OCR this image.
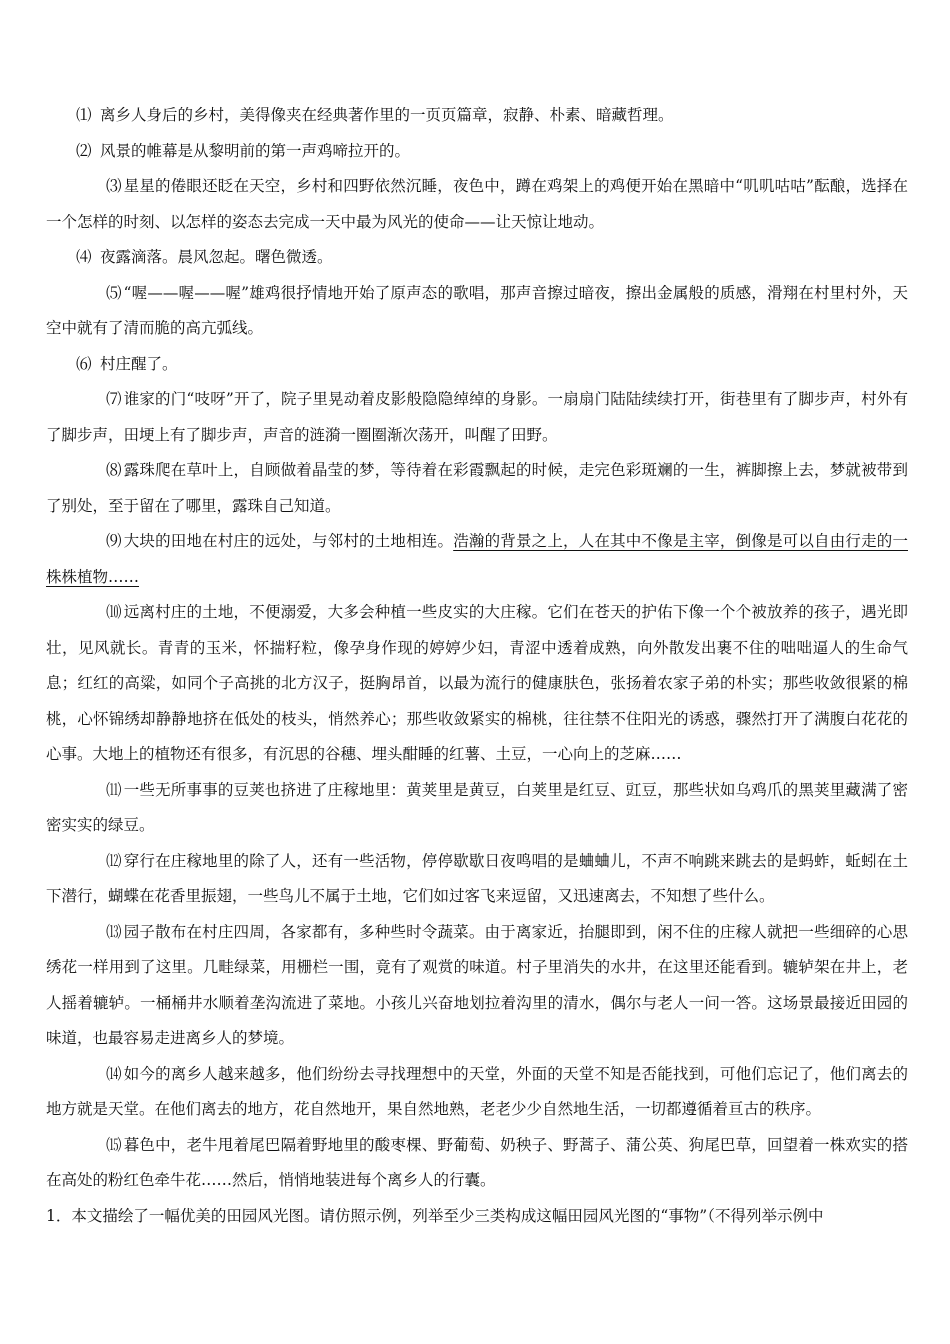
⑴ 离乡人身后的乡村，美得像夹在经典著作里的一页页篇章，寂静、朴素、暗藏哲理。

⑵ 风景的帷幕是从黎明前的第一声鸡啼拉开的。

⑶ 星星的倦眼还眨在天空，乡村和四野依然沉睡，夜色中，蹲在鸡架上的鸡便开始在黑暗中“叽叽咕咕”酝酿，选择在一个怎样的时刻、以怎样的姿态去完成一天中最为风光的使命——让天惊让地动。

⑷ 夜露滴落。晨风忽起。曙色微透。

⑸ “喔——喔——喔”雄鸡很抒情地开始了原声态的歌唱，那声音擦过暗夜，擦出金属般的质感，滑翔在村里村外，天空中就有了清而脆的高亢弧线。

⑹ 村庄醒了。

⑺ 谁家的门“吱呀”开了，院子里晃动着皮影般隐隐绰绰的身影。一扇扇门陆陆续续打开，街巷里有了脚步声，村外有了脚步声，田埂上有了脚步声，声音的涟漪一圈圈渐次荡开，叫醒了田野。

⑻ 露珠爬在草叶上，自顾做着晶莹的梦，等待着在彩霞飘起的时候，走完色彩斑斓的一生，裤脚擦上去，梦就被带到了别处，至于留在了哪里，露珠自己知道。

⑼ 大块的田地在村庄的远处，与邻村的土地相连。浩瀚的背景之上，人在其中不像是主宰，倒像是可以自由行走的一株株植物……

⑽ 远离村庄的土地，不便溺爱，大多会种植一些皮实的大庄稼。它们在苍天的护佑下像一个个被放养的孩子，遇光即壮，见风就长。青青的玉米，怀揣籽粒，像孕身作现的婷婷少妇，青涩中透着成熟，向外散发出裹不住的咄咄逼人的生命气息；红红的高粱，如同个子高挑的北方汉子，挺胸昂首，以最为流行的健康肤色，张扬着农家子弟的朴实；那些收敛很紧的棉桃，心怀锦绣却静静地挤在低处的枝头，悄然养心；那些收敛紧实的棉桃，往往禁不住阳光的诱惑，骤然打开了满腹白花花的心事。大地上的植物还有很多，有沉思的谷穗、埋头酣睡的红薯、土豆，一心向上的芝麻……

⑾ 一些无所事事的豆荚也挤进了庄稼地里：黄荚里是黄豆，白荚里是红豆、豇豆，那些状如乌鸡爪的黑荚里藏满了密密实实的绿豆。

⑿ 穿行在庄稼地里的除了人，还有一些活物，停停歇歇日夜鸣唱的是蛐蛐儿，不声不响跳来跳去的是蚂蚱，蚯蚓在土下潜行，蝴蝶在花香里振翅，一些鸟儿不属于土地，它们如过客飞来逗留，又迅速离去，不知想了些什么。

⒀ 园子散布在村庄四周，各家都有，多种些时令蔬菜。由于离家近，抬腿即到，闲不住的庄稼人就把一些细碎的心思绣花一样用到了这里。几畦绿菜，用栅栏一围，竟有了观赏的味道。村子里消失的水井，在这里还能看到。辘轳架在井上，老人摇着辘轳。一桶桶井水顺着垄沟流进了菜地。小孩儿兴奋地划拉着沟里的清水，偶尔与老人一问一答。这场景最接近田园的味道，也最容易走进离乡人的梦境。

⒁ 如今的离乡人越来越多，他们纷纷去寻找理想中的天堂，外面的天堂不知是否能找到，可他们忘记了，他们离去的地方就是天堂。在他们离去的地方，花自然地开，果自然地熟，老老少少自然地生活，一切都遵循着亘古的秩序。

⒂ 暮色中，老牛甩着尾巴隔着野地里的酸枣棵、野葡萄、奶秧子、野蒿子、蒲公英、狗尾巴草，回望着一株欢实的搭在高处的粉红色牵牛花……然后，悄悄地装进每个离乡人的行囊。

1．本文描绘了一幅优美的田园风光图。请仿照示例，列举至少三类构成这幅田园风光图的“事物”（不得列举示例中
